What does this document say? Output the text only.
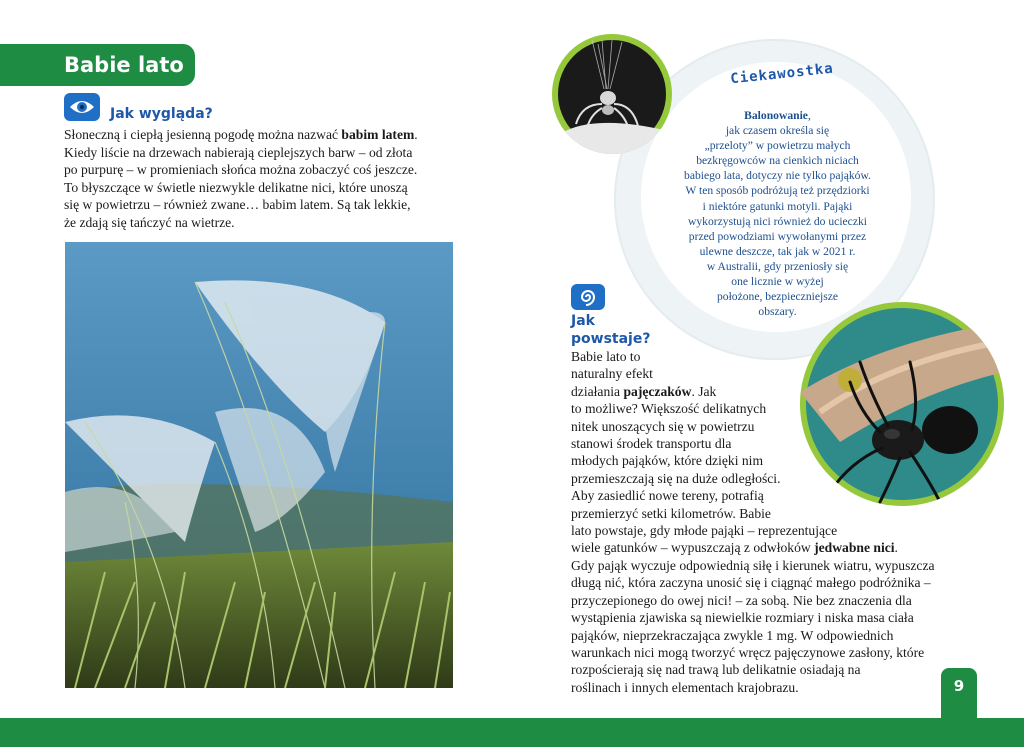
Babie lato
Jak wygląda?
Słoneczną i ciepłą jesienną pogodę można nazwać babim latem.
Kiedy liście na drzewach nabierają cieplejszych barw – od złota
po purpurę – w promieniach słońca można zobaczyć coś jeszcze.
To błyszczące w świetle niezwykle delikatne nici, które unoszą
się w powietrzu – również zwane… babim latem. Są tak lekkie,
że zdają się tańczyć na wietrze.
Ciekawostka
Balonowanie,
jak czasem określa się
„przeloty” w powietrzu małych
bezkręgowców na cienkich niciach
babiego lata, dotyczy nie tylko pająków.
W ten sposób podróżują też przędziorki
i niektóre gatunki motyli. Pająki
wykorzystują nici również do ucieczki
przed powodziami wywołanymi przez
ulewne deszcze, tak jak w 2021 r.
w Australii, gdy przeniosły się
one licznie w wyżej
położone, bezpieczniejsze
obszary.
Jak
powstaje?
Babie lato to
naturalny efekt
działania pajęczaków. Jak
to możliwe? Większość delikatnych
nitek unoszących się w powietrzu
stanowi środek transportu dla
młodych pająków, które dzięki nim
przemieszczają się na duże odległości.
Aby zasiedlić nowe tereny, potrafią
przemierzyć setki kilometrów. Babie
lato powstaje, gdy młode pająki – reprezentujące
wiele gatunków – wypuszczają z odwłoków jedwabne nici.
Gdy pająk wyczuje odpowiednią siłę i kierunek wiatru, wypuszcza
długą nić, która zaczyna unosić się i ciągnąć małego podróżnika –
przyczepionego do owej nici! – za sobą. Nie bez znaczenia dla
wystąpienia zjawiska są niewielkie rozmiary i niska masa ciała
pająków, nieprzekraczająca zwykle 1 mg. W odpowiednich
warunkach nici mogą tworzyć wręcz pajęczynowe zasłony, które
rozpościerają się nad trawą lub delikatnie osiadają na
roślinach i innych elementach krajobrazu.	9
